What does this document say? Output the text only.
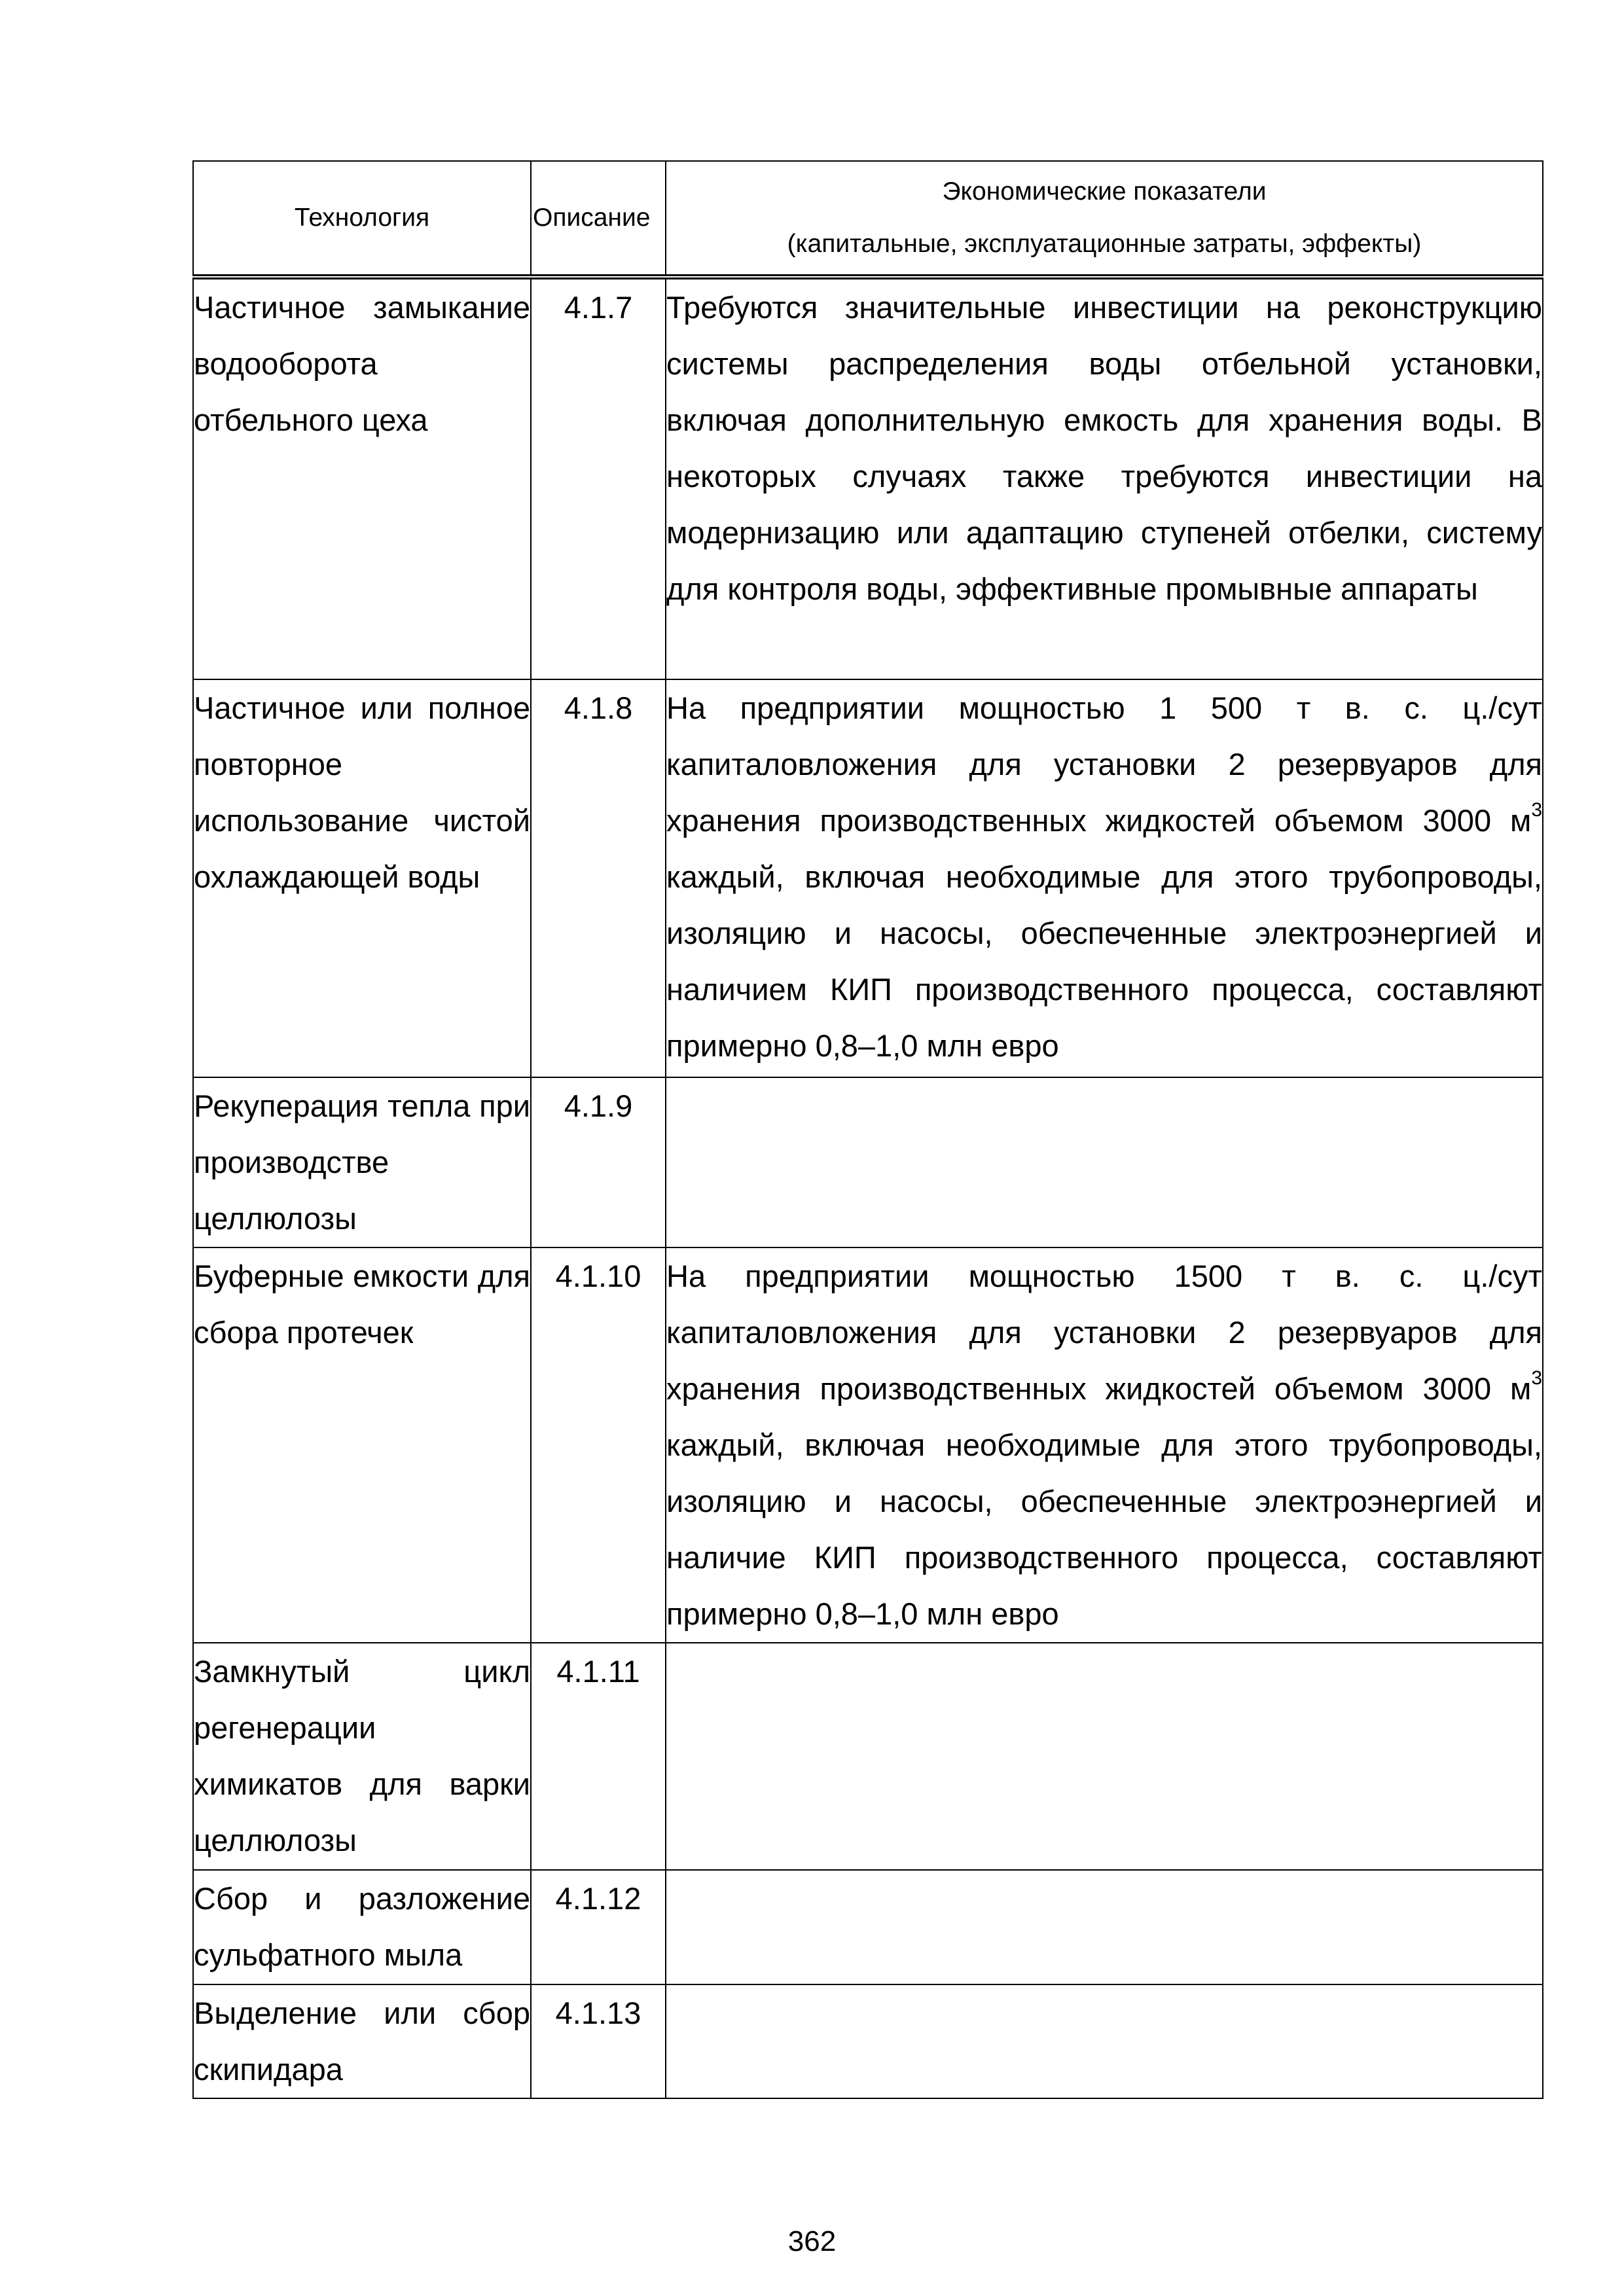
Технология	Описание	Экономические показатели
(капитальные, эксплуатационные затраты, эффекты)

Частичное замыкание водооборота отбельного цеха	4.1.7	Требуются значительные инвестиции на реконструкцию системы распределения воды отбельной установки, включая дополнительную емкость для хранения воды. В некоторых случаях также требуются инвестиции на модернизацию или адаптацию ступеней отбелки, систему для контроля воды, эффективные промывные аппараты
Частичное или полное повторное использование чистой охлаждающей воды	4.1.8	На предприятии мощностью 1 500 т в. с. ц./сут капиталовложения для установки 2 резервуаров для хранения производственных жидкостей объемом 3000 $м^3$ каждый, включая необходимые для этого трубопроводы, изоляцию и насосы, обеспеченные электроэнергией и наличием КИП производственного процесса, составляют примерно 0,8–1,0 млн евро
Рекуперация тепла при производстве целлюлозы	4.1.9	
Буферные емкости для сбора протечек	4.1.10	На предприятии мощностью 1500 т в. с. ц./сут капиталовложения для установки 2 резервуаров для хранения производственных жидкостей объемом 3000 $м^3$ каждый, включая необходимые для этого трубопроводы, изоляцию и насосы, обеспеченные электроэнергией и наличие КИП производственного процесса, составляют примерно 0,8–1,0 млн евро
Замкнутый цикл регенерации химикатов для варки целлюлозы	4.1.11	
Сбор и разложение сульфатного мыла	4.1.12	
Выделение или сбор скипидара	4.1.13	
362
